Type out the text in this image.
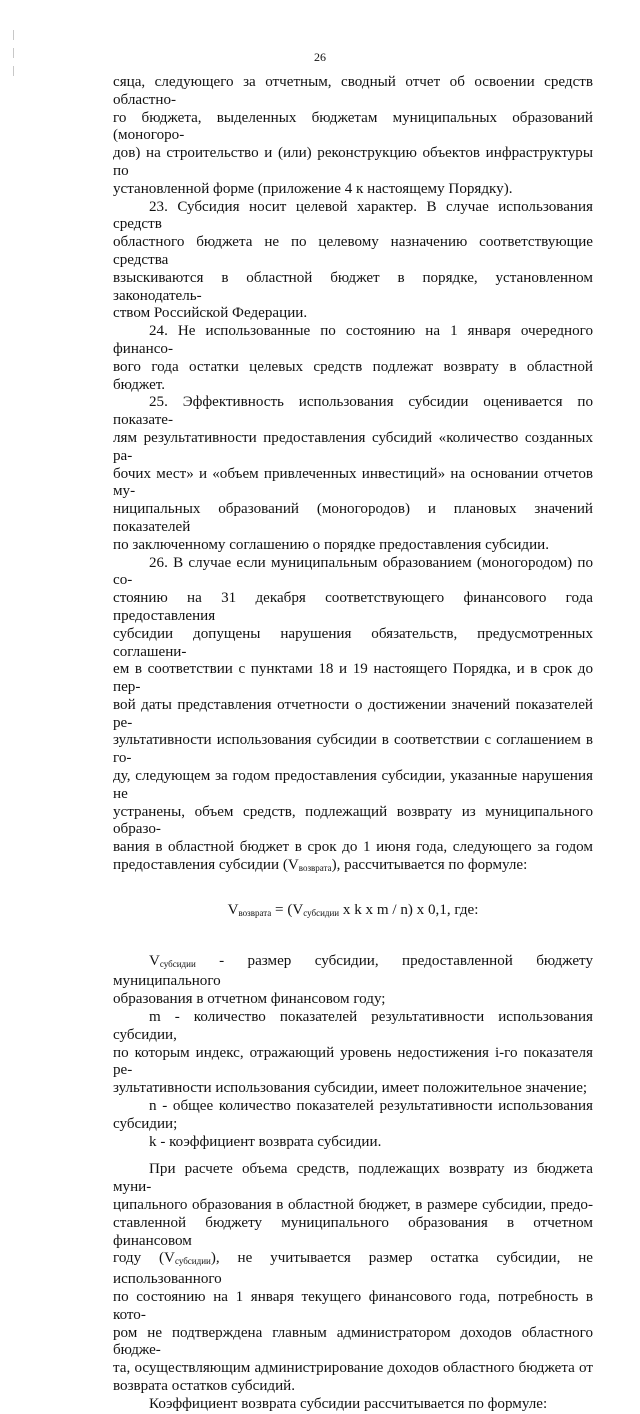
26

сяца, следующего за отчетным, сводный отчет об освоении средств областно-

го бюджета, выделенных бюджетам муниципальных образований (моногоро-

дов) на строительство и (или) реконструкцию объектов инфраструктуры по

установленной форме (приложение 4 к настоящему Порядку).

23. Субсидия носит целевой характер. В случае использования средств

областного бюджета не по целевому назначению соответствующие средства

взыскиваются в областной бюджет в порядке, установленном законодатель-

ством Российской Федерации.

24. Не использованные по состоянию на 1 января очередного финансо-

вого года остатки целевых средств подлежат возврату в областной бюджет.

25. Эффективность использования субсидии оценивается по показате-

лям результативности предоставления субсидий «количество созданных ра-

бочих мест» и «объем привлеченных инвестиций» на основании отчетов му-

ниципальных образований (моногородов) и плановых значений показателей

по заключенному соглашению о порядке предоставления субсидии.

26. В случае если муниципальным образованием (моногородом) по со-

стоянию на 31 декабря соответствующего финансового года предоставления

субсидии допущены нарушения обязательств, предусмотренных соглашени-

ем в соответствии с пунктами 18 и 19 настоящего Порядка, и в срок до пер-

вой даты представления отчетности о достижении значений показателей ре-

зультативности использования субсидии в соответствии с соглашением в го-

ду, следующем за годом предоставления субсидии, указанные нарушения не

устранены, объем средств, подлежащий возврату из муниципального образо-

вания в областной бюджет в срок до 1 июня года, следующего за годом

предоставления субсидии $(V_{возврата})$, рассчитывается по формуле:

$V_{возврата} = (V_{субсидии}$ x k x m / n) x 0,1, где:

$V_{субсидии}$ - размер субсидии, предоставленной бюджету муниципального

образования в отчетном финансовом году;

m - количество показателей результативности использования субсидии,

по которым индекс, отражающий уровень недостижения i-го показателя ре-

зультативности использования субсидии, имеет положительное значение;

n - общее количество показателей результативности использования

субсидии;

k - коэффициент возврата субсидии.

При расчете объема средств, подлежащих возврату из бюджета муни-

ципального образования в областной бюджет, в размере субсидии, предо-

ставленной бюджету муниципального образования в отчетном финансовом

году $(V_{субсидии})$, не учитывается размер остатка субсидии, не использованного

по состоянию на 1 января текущего финансового года, потребность в кото-

ром не подтверждена главным администратором доходов областного бюдже-

та, осуществляющим администрирование доходов областного бюджета от

возврата остатков субсидий.

Коэффициент возврата субсидии рассчитывается по формуле:
